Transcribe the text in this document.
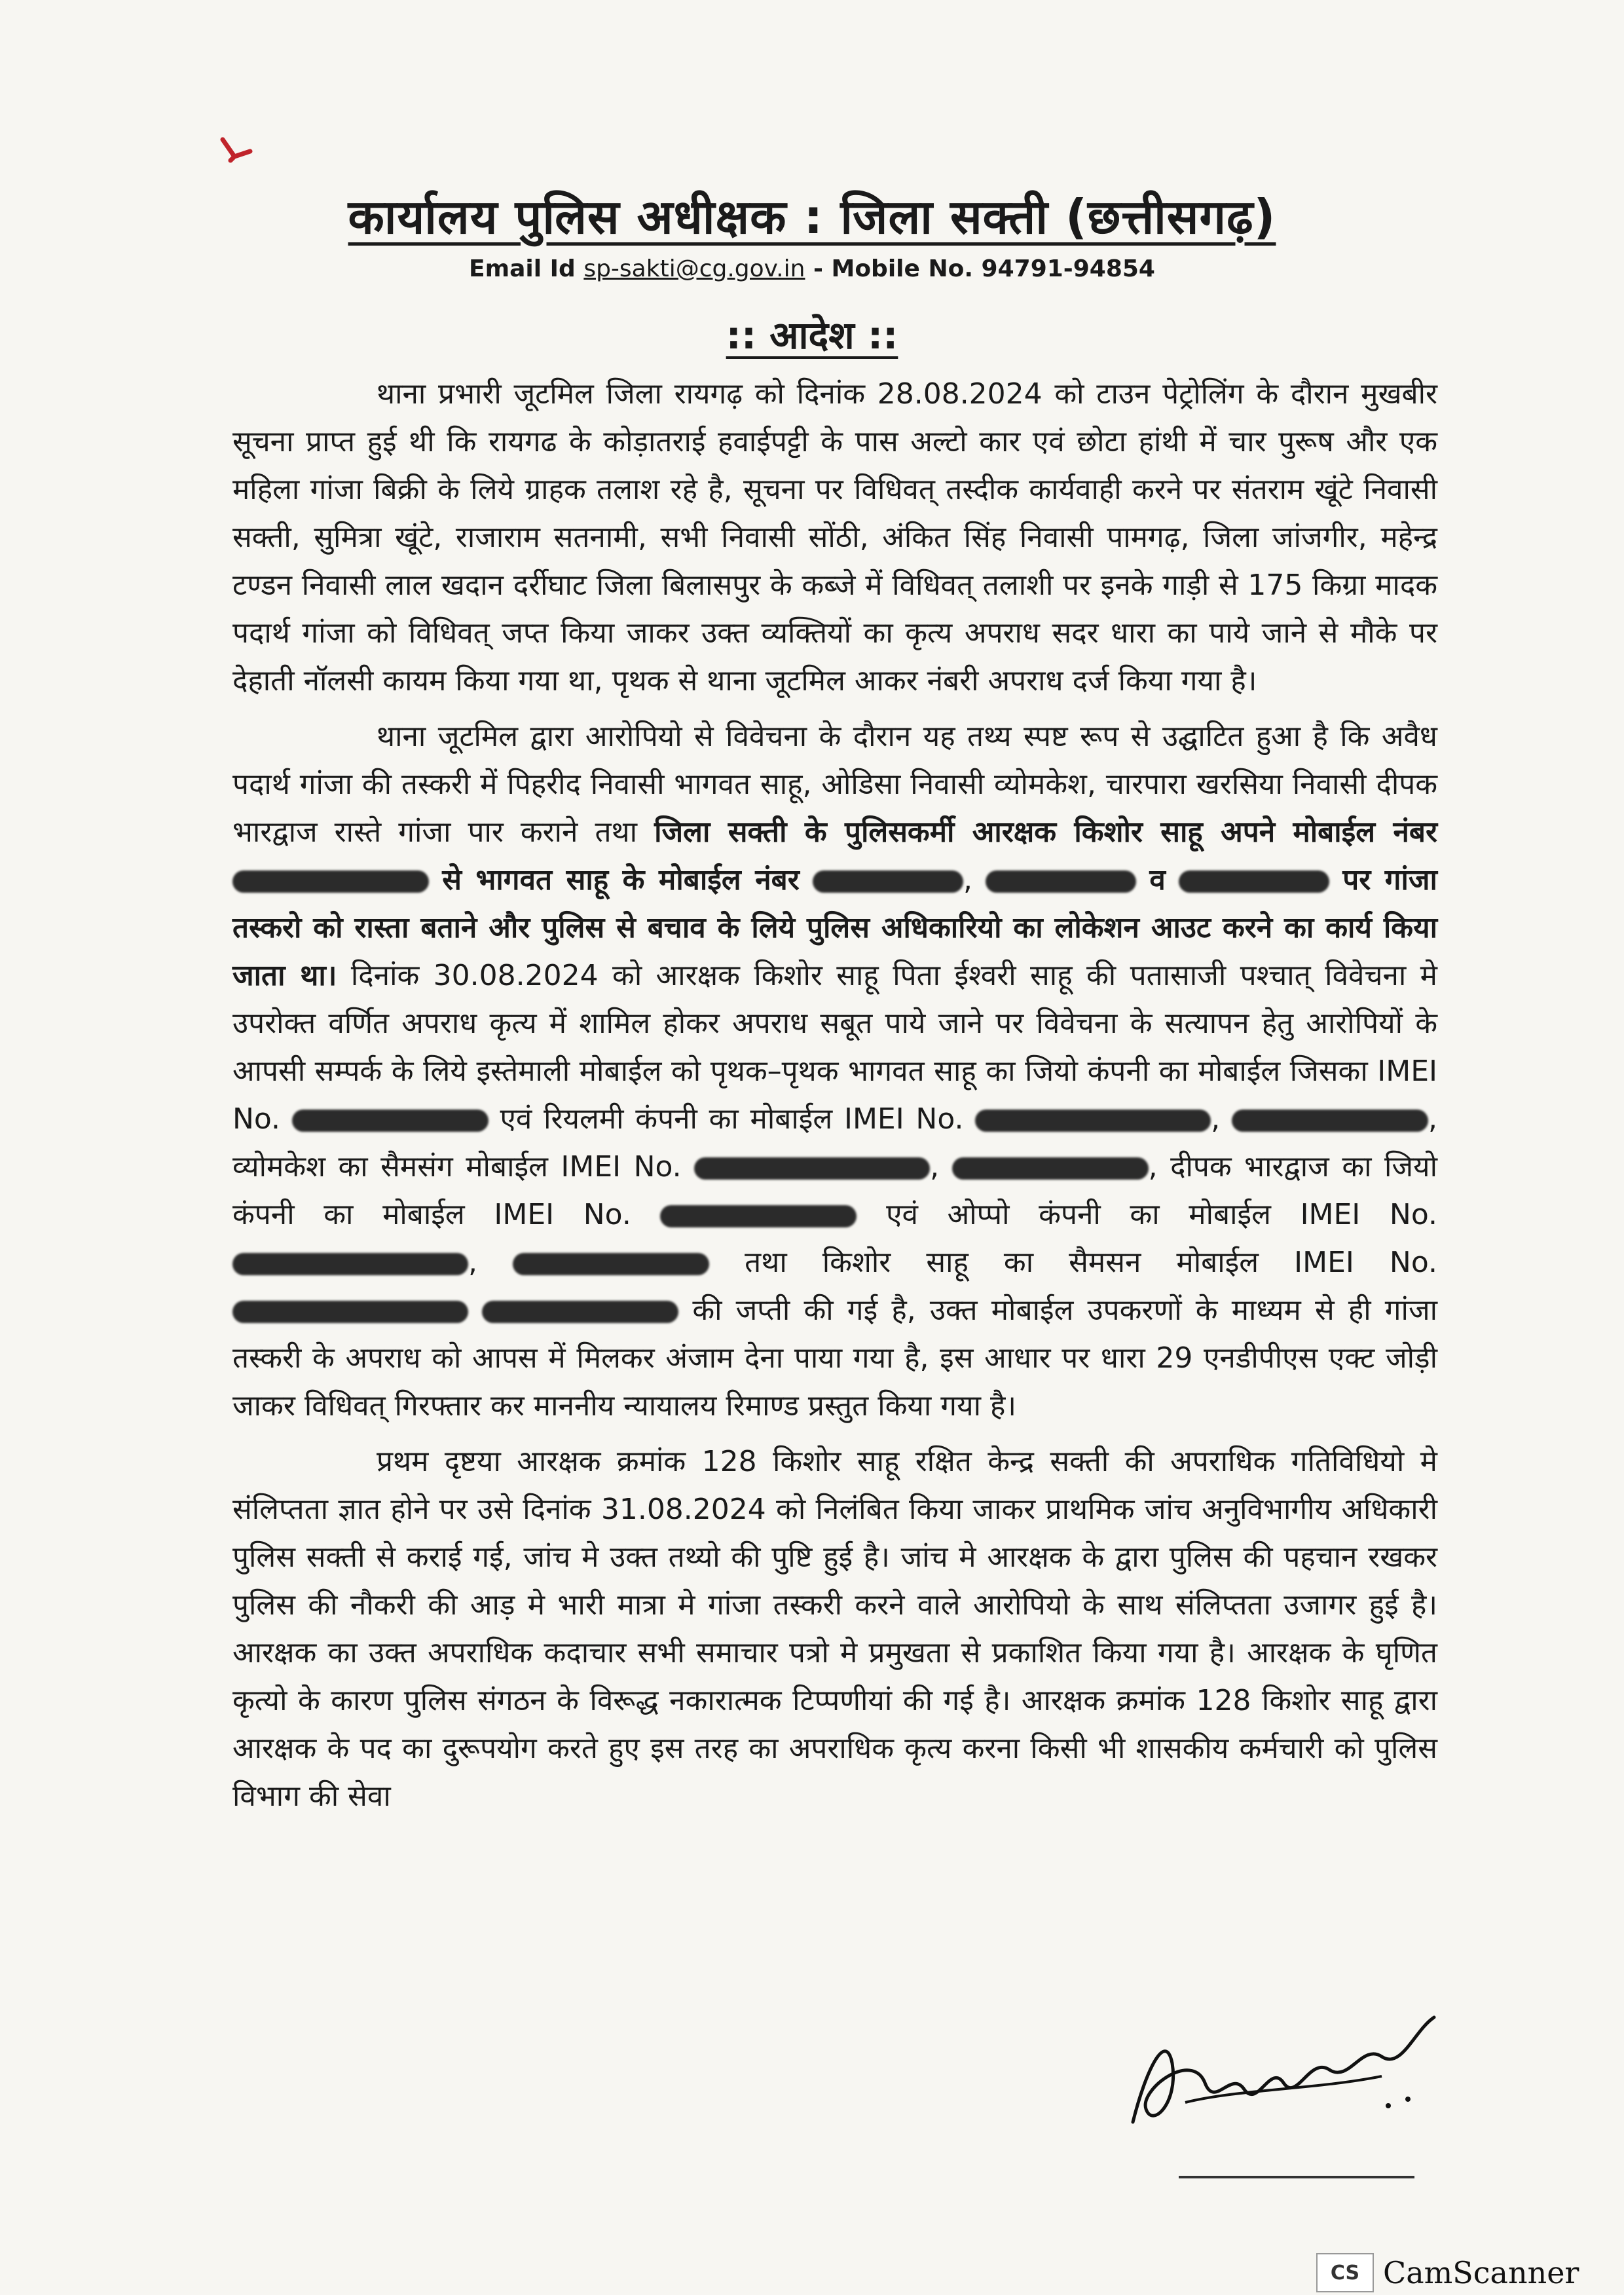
कार्यालय पुलिस अधीक्षक : जिला सक्ती (छत्तीसगढ़)
Email Id sp-sakti@cg.gov.in - Mobile No. 94791-94854
:: आदेश ::

थाना प्रभारी जूटमिल जिला रायगढ़ को दिनांक 28.08.2024 को टाउन पेट्रोलिंग के दौरान मुखबीर सूचना प्राप्त हुई थी कि रायगढ के कोड़ातराई हवाईपट्टी के पास अल्टो कार एवं छोटा हांथी में चार पुरूष और एक महिला गांजा बिक्री के लिये ग्राहक तलाश रहे है, सूचना पर विधिवत् तस्दीक कार्यवाही करने पर संतराम खूंटे निवासी सक्ती, सुमित्रा खूंटे, राजाराम सतनामी, सभी निवासी सोंठी, अंकित सिंह निवासी पामगढ़, जिला जांजगीर, महेन्द्र टण्डन निवासी लाल खदान दर्रीघाट जिला बिलासपुर के कब्जे में विधिवत् तलाशी पर इनके गाड़ी से 175 किग्रा मादक पदार्थ गांजा को विधिवत् जप्त किया जाकर उक्त व्यक्तियों का कृत्य अपराध सदर धारा का पाये जाने से मौके पर देहाती नॉलसी कायम किया गया था, पृथक से थाना जूटमिल आकर नंबरी अपराध दर्ज किया गया है।

थाना जूटमिल द्वारा आरोपियो से विवेचना के दौरान यह तथ्य स्पष्ट रूप से उद्घाटित हुआ है कि अवैध पदार्थ गांजा की तस्करी में पिहरीद निवासी भागवत साहू, ओडिसा निवासी व्योमकेश, चारपारा खरसिया निवासी दीपक भारद्वाज रास्ते गांजा पार कराने तथा जिला सक्ती के पुलिसकर्मी आरक्षक किशोर साहू अपने मोबाईल नंबर  से भागवत साहू के मोबाईल नंबर	,	व	पर गांजा तस्करो को रास्ता बताने और पुलिस से बचाव के लिये पुलिस अधिकारियो का लोकेशन आउट करने का कार्य किया जाता था। दिनांक 30.08.2024 को आरक्षक किशोर साहू पिता ईश्वरी साहू की पतासाजी पश्चात् विवेचना मे उपरोक्त वर्णित अपराध कृत्य में शामिल होकर अपराध सबूत पाये जाने पर विवेचना के सत्यापन हेतु आरोपियों के आपसी सम्पर्क के लिये इस्तेमाली मोबाईल को पृथक–पृथक भागवत साहू का जियो कंपनी का मोबाईल जिसका IMEI No.	एवं रियलमी कंपनी का मोबाईल IMEI No.	,	, व्योमकेश का सैमसंग मोबाईल IMEI No.	,	, दीपक भारद्वाज का जियो कंपनी का मोबाईल IMEI No.	एवं ओप्पो कंपनी का मोबाईल IMEI No. ,	तथा किशोर साहू का सैमसन मोबाईल IMEI No.   की जप्ती की गई है, उक्त मोबाईल उपकरणों के माध्यम से ही गांजा तस्करी के अपराध को आपस में मिलकर अंजाम देना पाया गया है, इस आधार पर धारा 29 एनडीपीएस एक्ट जोड़ी जाकर विधिवत् गिरफ्तार कर माननीय न्यायालय रिमाण्ड प्रस्तुत किया गया है।

प्रथम दृष्टया आरक्षक क्रमांक 128 किशोर साहू रक्षित केन्द्र सक्ती की अपराधिक गतिविधियो मे संलिप्तता ज्ञात होने पर उसे दिनांक 31.08.2024 को निलंबित किया जाकर प्राथमिक जांच अनुविभागीय अधिकारी पुलिस सक्ती से कराई गई, जांच मे उक्त तथ्यो की पुष्टि हुई है। जांच मे आरक्षक के द्वारा पुलिस की पहचान रखकर पुलिस की नौकरी की आड़ मे भारी मात्रा मे गांजा तस्करी करने वाले आरोपियो के साथ संलिप्तता उजागर हुई है। आरक्षक का उक्त अपराधिक कदाचार सभी समाचार पत्रो मे प्रमुखता से प्रकाशित किया गया है। आरक्षक के घृणित कृत्यो के कारण पुलिस संगठन के विरूद्ध नकारात्मक टिप्पणीयां की गई है। आरक्षक क्रमांक 128 किशोर साहू द्वारा आरक्षक के पद का दुरूपयोग करते हुए इस तरह का अपराधिक कृत्य करना किसी भी शासकीय कर्मचारी को पुलिस विभाग की सेवा

CS CamScanner
